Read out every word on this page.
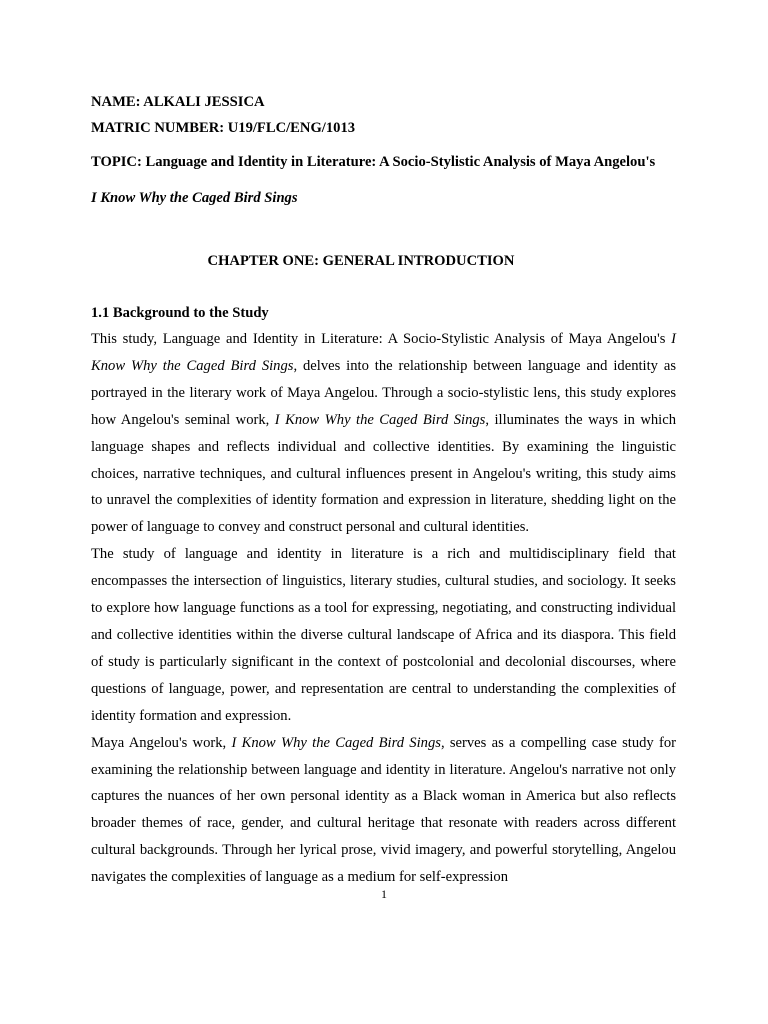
NAME: ALKALI JESSICA

MATRIC NUMBER: U19/FLC/ENG/1013

TOPIC: Language and Identity in Literature: A Socio-Stylistic Analysis of Maya Angelou's

I Know Why the Caged Bird Sings

CHAPTER ONE: GENERAL INTRODUCTION

1.1 Background to the Study

This study, Language and Identity in Literature: A Socio-Stylistic Analysis of Maya Angelou's I Know Why the Caged Bird Sings, delves into the relationship between language and identity as portrayed in the literary work of Maya Angelou. Through a socio-stylistic lens, this study explores how Angelou's seminal work, I Know Why the Caged Bird Sings, illuminates the ways in which language shapes and reflects individual and collective identities. By examining the linguistic choices, narrative techniques, and cultural influences present in Angelou's writing, this study aims to unravel the complexities of identity formation and expression in literature, shedding light on the power of language to convey and construct personal and cultural identities.

The study of language and identity in literature is a rich and multidisciplinary field that encompasses the intersection of linguistics, literary studies, cultural studies, and sociology. It seeks to explore how language functions as a tool for expressing, negotiating, and constructing individual and collective identities within the diverse cultural landscape of Africa and its diaspora. This field of study is particularly significant in the context of postcolonial and decolonial discourses, where questions of language, power, and representation are central to understanding the complexities of identity formation and expression.

Maya Angelou's work, I Know Why the Caged Bird Sings, serves as a compelling case study for examining the relationship between language and identity in literature. Angelou's narrative not only captures the nuances of her own personal identity as a Black woman in America but also reflects broader themes of race, gender, and cultural heritage that resonate with readers across different cultural backgrounds. Through her lyrical prose, vivid imagery, and powerful storytelling, Angelou navigates the complexities of language as a medium for self-expression

1
